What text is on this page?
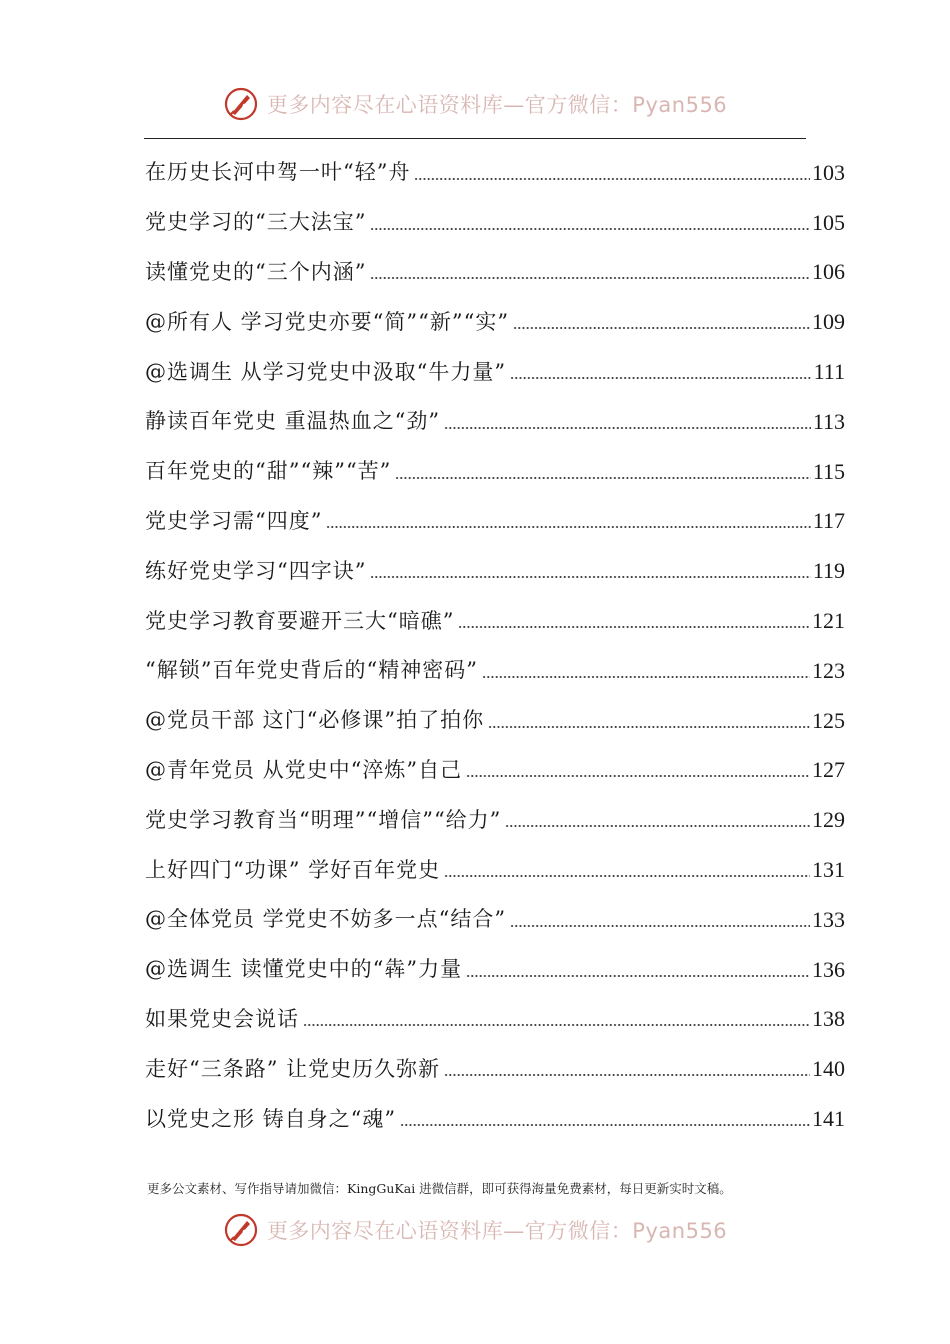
更多内容尽在心语资料库—官方微信：Pyan556
在历史长河中驾一叶“轻”舟	103
党史学习的“三大法宝”	105
读懂党史的“三个内涵”	106
@所有人 学习党史亦要“简”“新”“实”	109
@选调生 从学习党史中汲取“牛力量”	111
静读百年党史 重温热血之“劲”	113
百年党史的“甜”“辣”“苦”	115
党史学习需“四度”	117
练好党史学习“四字诀”	119
党史学习教育要避开三大“暗礁”	121
“解锁”百年党史背后的“精神密码”	123
@党员干部 这门“必修课”拍了拍你	125
@青年党员 从党史中“淬炼”自己	127
党史学习教育当“明理”“增信”“给力”	129
上好四门“功课” 学好百年党史	131
@全体党员 学党史不妨多一点“结合”	133
@选调生 读懂党史中的“犇”力量	136
如果党史会说话	138
走好“三条路” 让党史历久弥新	140
以党史之形 铸自身之“魂”	141
更多公文素材、写作指导请加微信：KingGuKai 进微信群，即可获得海量免费素材，每日更新实时文稿。
更多内容尽在心语资料库—官方微信：Pyan556
